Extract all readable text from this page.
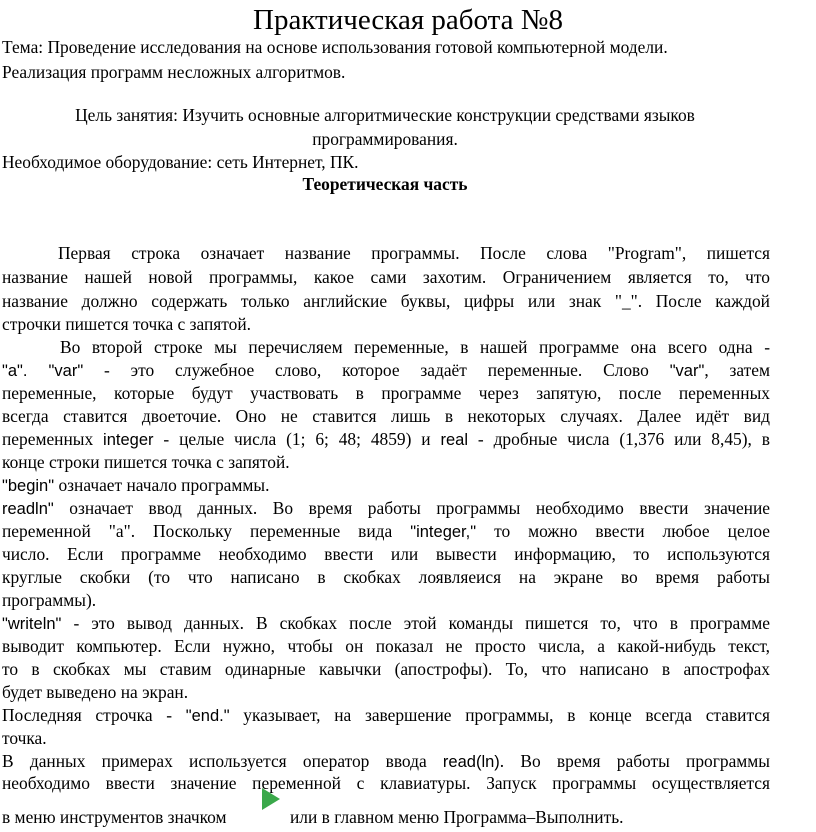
Практическая работа №8
Тема: Проведение исследования на основе использования готовой компьютерной модели.
Реализация программ несложных алгоритмов.
Цель занятия: Изучить основные алгоритмические конструкции средствами языков
программирования.
Необходимое оборудование: сеть Интернет, ПК.
Теоретическая часть
Первая строка означает название программы. После слова "Program", пишется
название нашей новой программы, какое сами захотим. Ограничением является то, что
название должно содержать только английские буквы, цифры или знак "_". После каждой
строчки пишется точка с запятой.
Во второй строке мы перечисляем переменные, в нашей программе она всего одна -
"a". "var" - это служебное слово, которое задаёт переменные. Слово "var", затем
переменные, которые будут участвовать в программе через запятую, после переменных
всегда ставится двоеточие. Оно не ставится лишь в некоторых случаях. Далее идёт вид
переменных integer - целые числа (1; 6; 48; 4859) и real - дробные числа (1,376 или 8,45), в
конце строки пишется точка с запятой.
"begin" означает начало программы.
readln" означает ввод данных. Во время работы программы необходимо ввести значение
переменной "a". Поскольку переменные вида "integer," то можно ввести любое целое
число. Если программе необходимо ввести или вывести информацию, то используются
круглые скобки (то что написано в скобках лоявляеися на экране во время работы
программы).
"writeln" - это вывод данных. В скобках после этой команды пишется то, что в программе
выводит компьютер. Если нужно, чтобы он показал не просто числа, а какой-нибудь текст,
то в скобках мы ставим одинарные кавычки (апострофы). То, что написано в апострофах
будет выведено на экран.
Последняя строчка - "end." указывает, на завершение программы, в конце всегда ставится
точка.
В данных примерах используется оператор ввода read(ln). Во время работы программы
необходимо ввести значение переменной с клавиатуры. Запуск программы осуществляется
в меню инструментов значком	или в главном меню Программа–Выполнить.
